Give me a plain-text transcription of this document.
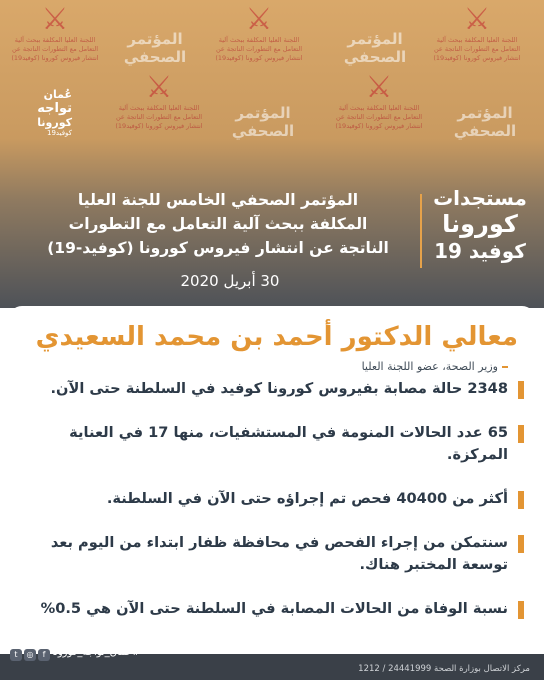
⚔
اللجنة العليا المكلفة ببحث آلية التعامل مع التطورات الناتجة عن انتشار فيروس كورونا (كوفيد19)
⚔
اللجنة العليا المكلفة ببحث آلية التعامل مع التطورات الناتجة عن انتشار فيروس كورونا (كوفيد19)
⚔
اللجنة العليا المكلفة ببحث آلية التعامل مع التطورات الناتجة عن انتشار فيروس كورونا (كوفيد19)
المؤتمر الصحفي
المؤتمر الصحفي
⚔
اللجنة العليا المكلفة ببحث آلية التعامل مع التطورات الناتجة عن انتشار فيروس كورونا (كوفيد19)
⚔
اللجنة العليا المكلفة ببحث آلية التعامل مع التطورات الناتجة عن انتشار فيروس كورونا (كوفيد19)
المؤتمر الصحفي
المؤتمر الصحفي
عُمان
تواجه
كورونا
كوفيد19
المؤتمر الصحفي الخامس للجنة العليا
المكلفة ببحث آلية التعامل مع التطورات
الناتجة عن انتشار فيروس كورونا (كوفيد-19)
مستجدات
كورونا
كوفيد 19
30 أبريل 2020
معالي الدكتور أحمد بن محمد السعيدي
وزير الصحة، عضو اللجنة العليا
2348 حالة مصابة بفيروس كورونا كوفيد في السلطنة حتى الآن.
65 عدد الحالات المنومة في المستشفيات، منها 17 في العناية المركزة.
أكثر من 40400 فحص تم إجراؤه حتى الآن في السلطنة.
سنتمكن من إجراء الفحص في محافظة ظفار ابتداء من اليوم بعد توسعة المختبر هناك.
نسبة الوفاة من الحالات المصابة في السلطنة حتى الآن هي 0.5%
t	◎	f #عمان_تواجه_كورونا
مركز الاتصال بوزارة الصحة 24441999 / 1212
